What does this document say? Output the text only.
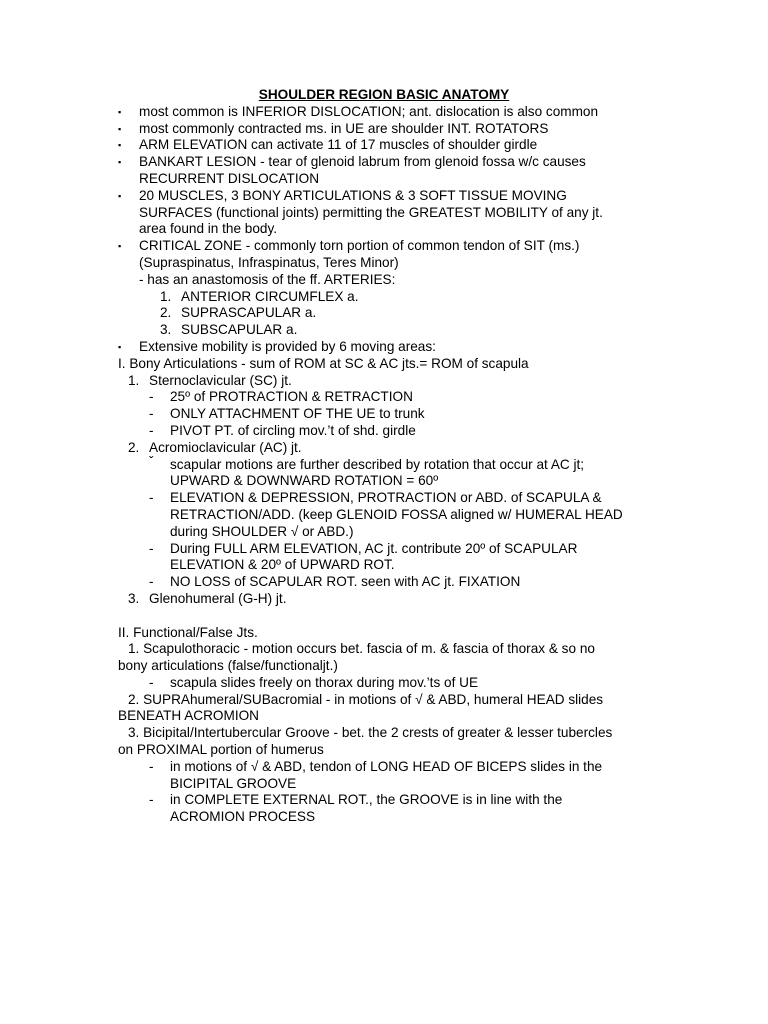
SHOULDER REGION BASIC ANATOMY
▪ most common is INFERIOR DISLOCATION; ant. dislocation is also common
▪ most commonly contracted ms. in UE are shoulder INT. ROTATORS
▪ ARM ELEVATION can activate 11 of 17 muscles of shoulder girdle
▪ BANKART LESION - tear of glenoid labrum from glenoid fossa w/c causes
RECURRENT DISLOCATION
▪ 20 MUSCLES, 3 BONY ARTICULATIONS & 3 SOFT TISSUE MOVING
SURFACES (functional joints) permitting the GREATEST MOBILITY of any jt.
area found in the body.
▪ CRITICAL ZONE - commonly torn portion of common tendon of SIT (ms.)
(Supraspinatus, Infraspinatus, Teres Minor)
- has an anastomosis of the ff. ARTERIES:
1. ANTERIOR CIRCUMFLEX a.
2. SUPRASCAPULAR a.
3. SUBSCAPULAR a.
▪ Extensive mobility is provided by 6 moving areas:
I. Bony Articulations - sum of ROM at SC & AC jts.= ROM of scapula
1. Sternoclavicular (SC) jt.
- 25º of PROTRACTION & RETRACTION
- ONLY ATTACHMENT OF THE UE to trunk
- PIVOT PT. of circling mov.’t of shd. girdle
2. Acromioclavicular (AC) jt.
ˇ scapular motions are further described by rotation that occur at AC jt;
UPWARD & DOWNWARD ROTATION = 60º
- ELEVATION & DEPRESSION, PROTRACTION or ABD. of SCAPULA &
RETRACTION/ADD. (keep GLENOID FOSSA aligned w/ HUMERAL HEAD
during SHOULDER √ or ABD.)
- During FULL ARM ELEVATION, AC jt. contribute 20º of SCAPULAR
ELEVATION & 20º of UPWARD ROT.
- NO LOSS of SCAPULAR ROT. seen with AC jt. FIXATION
3. Glenohumeral (G-H) jt.
II. Functional/False Jts.
1. Scapulothoracic - motion occurs bet. fascia of m. & fascia of thorax & so no
bony articulations (false/functionaljt.)
- scapula slides freely on thorax during mov.’ts of UE
2. SUPRAhumeral/SUBacromial - in motions of √ & ABD, humeral HEAD slides
BENEATH ACROMION
3. Bicipital/Intertubercular Groove - bet. the 2 crests of greater & lesser tubercles
on PROXIMAL portion of humerus
- in motions of √ & ABD, tendon of LONG HEAD OF BICEPS slides in the
BICIPITAL GROOVE
- in COMPLETE EXTERNAL ROT., the GROOVE is in line with the
ACROMION PROCESS
